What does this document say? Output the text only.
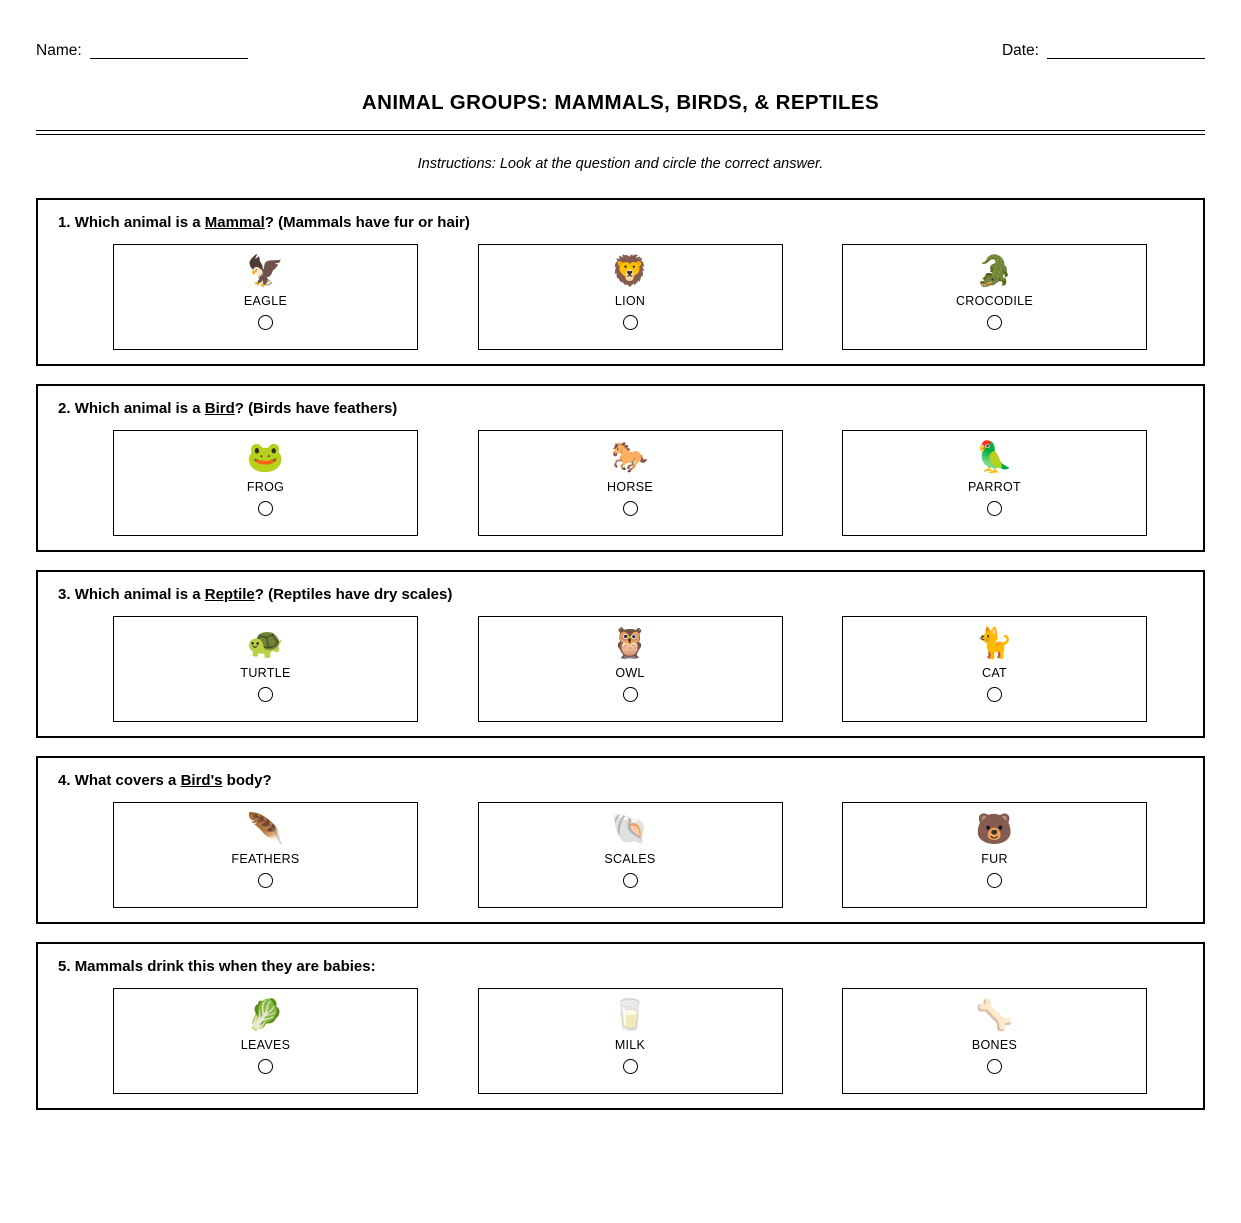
Name:	Date:
ANIMAL GROUPS: MAMMALS, BIRDS, & REPTILES
Instructions: Look at the question and circle the correct answer.
1. Which animal is a Mammal? (Mammals have fur or hair)
🦅
EAGLE
🦁
LION
🐊
CROCODILE
2. Which animal is a Bird? (Birds have feathers)
🐸
FROG
🐎
HORSE
🦜
PARROT
3. Which animal is a Reptile? (Reptiles have dry scales)
🐢
TURTLE
🦉
OWL
🐈
CAT
4. What covers a Bird's body?
🪶
FEATHERS
🐚
SCALES
🐻
FUR
5. Mammals drink this when they are babies:
🥬
LEAVES
🥛
MILK
🦴
BONES
